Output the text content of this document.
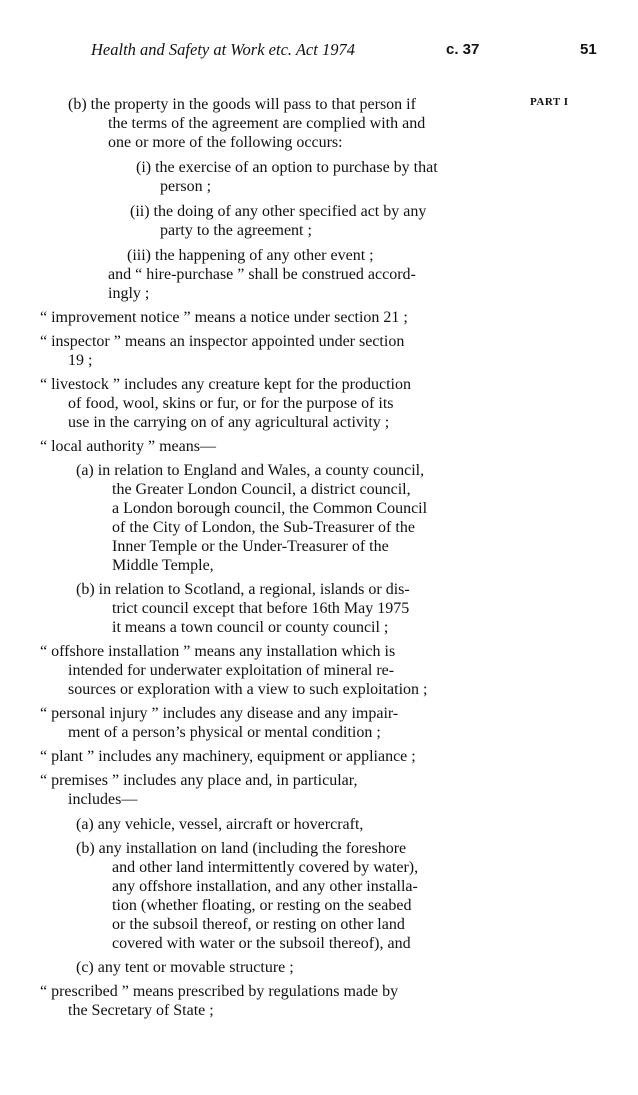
Health and Safety at Work etc. Act 1974	c. 37	51
PART I
(b) the property in the goods will pass to that person if
the terms of the agreement are complied with and
one or more of the following occurs:
(i) the exercise of an option to purchase by that
person ;
(ii) the doing of any other specified act by any
party to the agreement ;
(iii) the happening of any other event ;
and “ hire-purchase ” shall be construed accord-
ingly ;
“ improvement notice ” means a notice under section 21 ;
“ inspector ” means an inspector appointed under section
19 ;
“ livestock ” includes any creature kept for the production
of food, wool, skins or fur, or for the purpose of its
use in the carrying on of any agricultural activity ;
“ local authority ” means—
(a) in relation to England and Wales, a county council,
the Greater London Council, a district council,
a London borough council, the Common Council
of the City of London, the Sub-Treasurer of the
Inner Temple or the Under-Treasurer of the
Middle Temple,
(b) in relation to Scotland, a regional, islands or dis-
trict council except that before 16th May 1975
it means a town council or county council ;
“ offshore installation ” means any installation which is
intended for underwater exploitation of mineral re-
sources or exploration with a view to such exploitation ;
“ personal injury ” includes any disease and any impair-
ment of a person’s physical or mental condition ;
“ plant ” includes any machinery, equipment or appliance ;
“ premises ” includes any place and, in particular,
includes—
(a) any vehicle, vessel, aircraft or hovercraft,
(b) any installation on land (including the foreshore
and other land intermittently covered by water),
any offshore installation, and any other installa-
tion (whether floating, or resting on the seabed
or the subsoil thereof, or resting on other land
covered with water or the subsoil thereof), and
(c) any tent or movable structure ;
“ prescribed ” means prescribed by regulations made by
the Secretary of State ;
